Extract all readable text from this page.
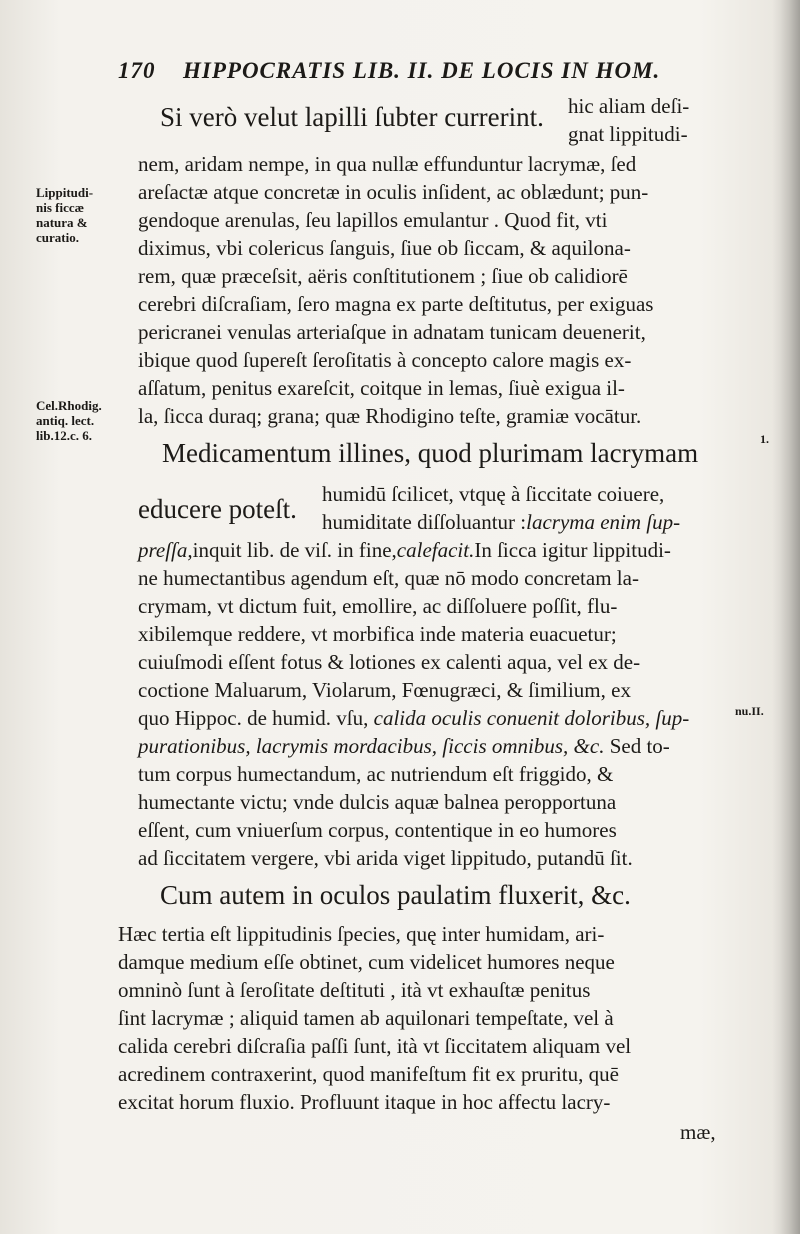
170 HIPPOCRATIS LIB. II. DE LOCIS IN HOM.
Si verò velut lapilli ſubter currerint. hic aliam deſi-
gnat lippitudi-
nem, aridam nempe, in qua nullæ effunduntur lacrymæ, ſed
areſactæ atque concretæ in oculis inſident, ac oblædunt; pun-
gendoque arenulas, ſeu lapillos emulantur . Quod fit, vti
diximus, vbi colericus ſanguis, ſiue ob ſiccam, & aquilona-
rem, quæ præceſsit, aëris conſtitutionem ; ſiue ob calidiorē
cerebri diſcraſiam, ſero magna ex parte deſtitutus, per exiguas
pericranei venulas arteriaſque in adnatam tunicam deuenerit,
ibique quod ſupereſt ſeroſitatis à concepto calore magis ex-
aſſatum, penitus exareſcit, coitque in lemas, ſiuè exigua il-
la, ſicca duraq; grana; quæ Rhodigino teſte, gramiæ vocātur.
Lippitudi-
nis ficcæ
natura &
curatio.
Cel.Rhodig.
antiq. lect.
lib.12.c. 6.	1.
Medicamentum illines, quod plurimam lacrymam
educere poteſt. humidū ſcilicet, vtquę à ſiccitate coiuere,
humiditate diſſoluantur :lacryma enim ſup-
preſſa,inquit lib. de viſ. in fine,calefacit.In ſicca igitur lippitudi-
ne humectantibus agendum eſt, quæ nō modo concretam la-
crymam, vt dictum fuit, emollire, ac diſſoluere poſſit, flu-
xibilemque reddere, vt morbifica inde materia euacuetur;
cuiuſmodi eſſent fotus & lotiones ex calenti aqua, vel ex de-
coctione Maluarum, Violarum, Fœnugræci, & ſimilium, ex
quo Hippoc. de humid. vſu, calida oculis conuenit doloribus, ſup-	nu.II.
purationibus, lacrymis mordacibus, ſiccis omnibus, &c. Sed to-
tum corpus humectandum, ac nutriendum eſt friggido, &
humectante victu; vnde dulcis aquæ balnea peropportuna
eſſent, cum vniuerſum corpus, contentique in eo humores
ad ſiccitatem vergere, vbi arida viget lippitudo, putandū ſit.
Cum autem in oculos paulatim fluxerit, &c.
Hæc tertia eſt lippitudinis ſpecies, quę inter humidam, ari-
damque medium eſſe obtinet, cum videlicet humores neque
omninò ſunt à ſeroſitate deſtituti , ità vt exhauſtæ penitus
ſint lacrymæ ; aliquid tamen ab aquilonari tempeſtate, vel à
calida cerebri diſcraſia paſſi ſunt, ità vt ſiccitatem aliquam vel
acredinem contraxerint, quod manifeſtum fit ex pruritu, quē
excitat horum fluxio. Profluunt itaque in hoc affectu lacry-
mæ,
